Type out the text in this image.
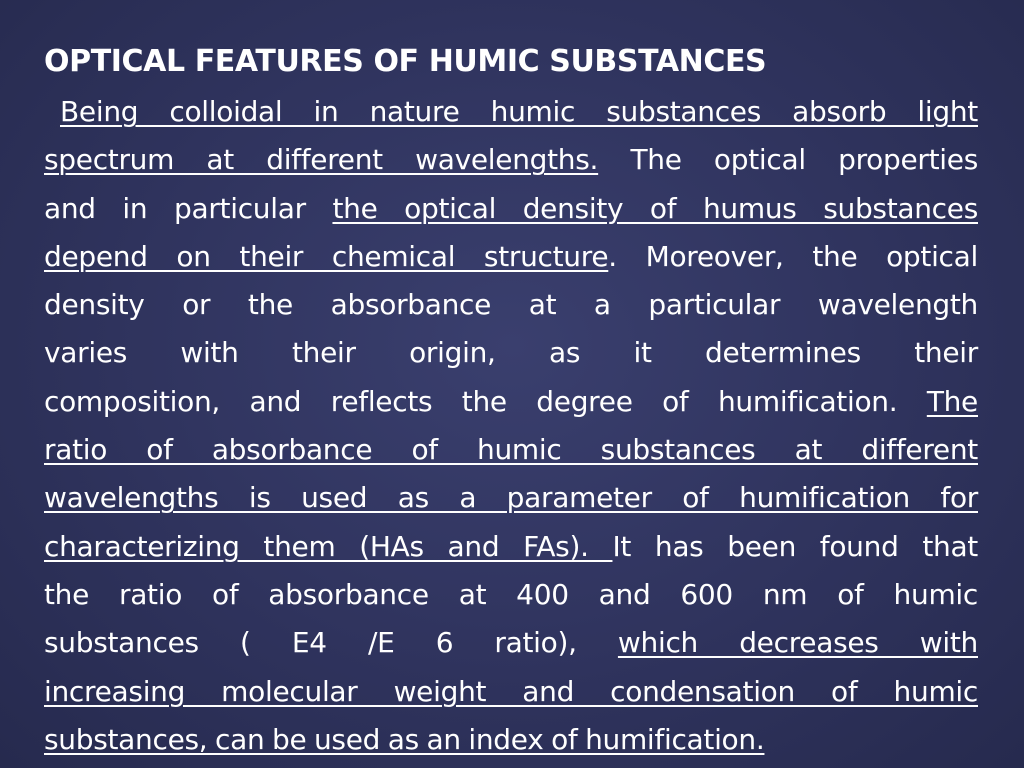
OPTICAL FEATURES OF HUMIC SUBSTANCES
Being colloidal in nature humic substances absorb light
spectrum at different wavelengths. The optical properties
and in particular the optical density of humus substances
depend on their chemical structure. Moreover, the optical
density or the absorbance at a particular wavelength
varies with their origin, as it determines their
composition, and reflects the degree of humification. The
ratio of absorbance of humic substances at different
wavelengths is used as a parameter of humification for
characterizing them (HAs and FAs). It has been found that
the ratio of absorbance at 400 and 600 nm of humic
substances ( E4 /E 6 ratio), which decreases with
increasing molecular weight and condensation of humic
substances, can be used as an index of humification.
